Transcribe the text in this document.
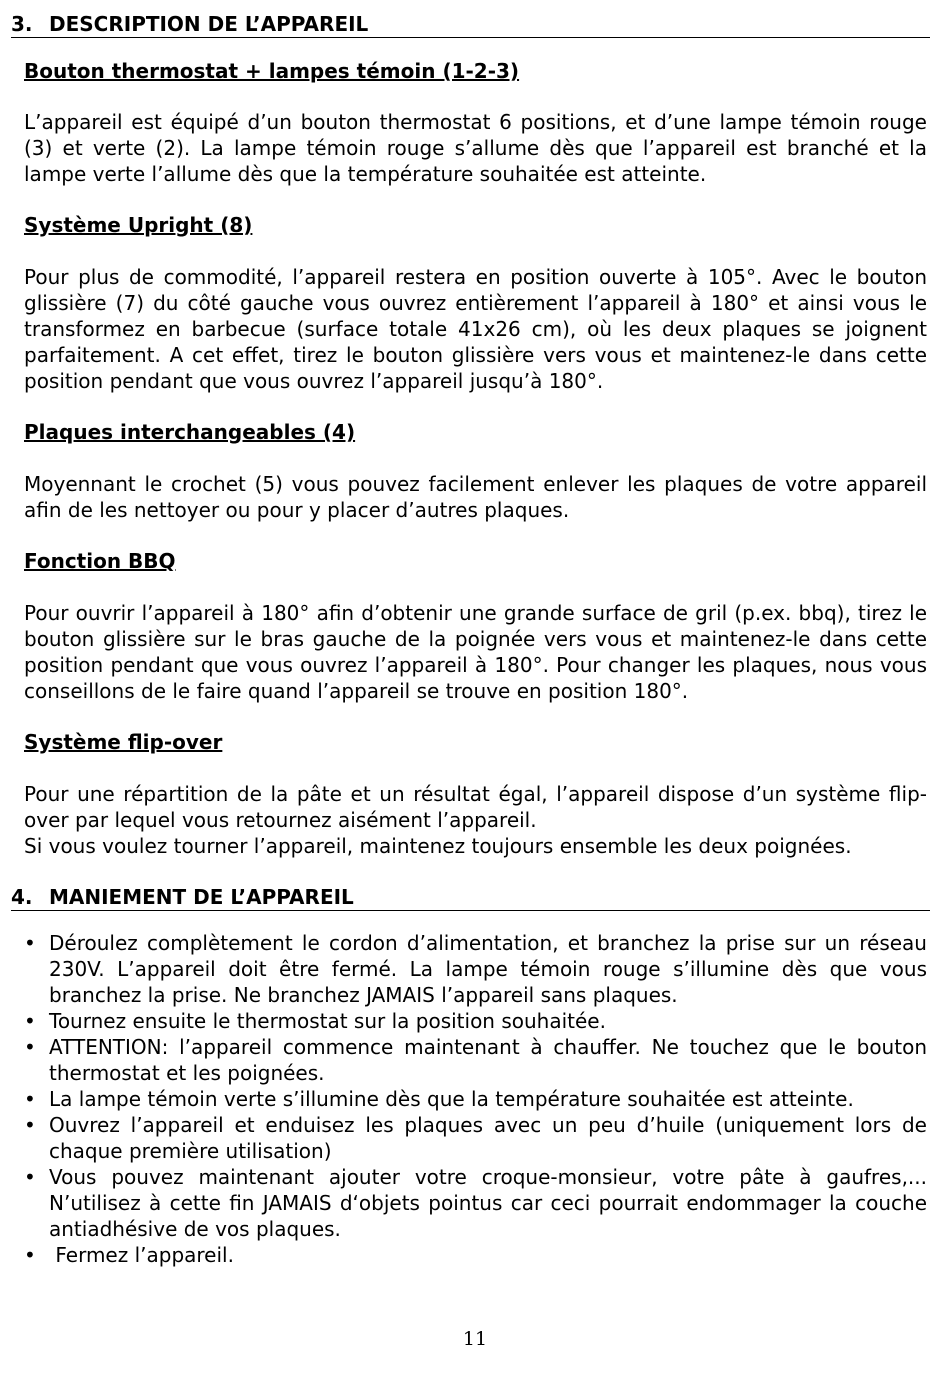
3. DESCRIPTION DE L’APPAREIL
Bouton thermostat + lampes témoin (1-2-3)
L’appareil est équipé d’un bouton thermostat 6 positions, et d’une lampe témoin rouge (3) et verte (2). La lampe témoin rouge s’allume dès que l’appareil est branché et la lampe verte l’allume dès que la température souhaitée est atteinte.
Système Upright (8)
Pour plus de commodité, l’appareil restera en position ouverte à 105°. Avec le bouton glissière (7) du côté gauche vous ouvrez entièrement l’appareil à 180° et ainsi vous le transformez en barbecue (surface totale 41x26 cm), où les deux plaques se joignent parfaitement. A cet effet, tirez le bouton glissière vers vous et maintenez-le dans cette position pendant que vous ouvrez l’appareil jusqu’à 180°.
Plaques interchangeables (4)
Moyennant le crochet (5) vous pouvez facilement enlever les plaques de votre appareil afin de les nettoyer ou pour y placer d’autres plaques.
Fonction BBQ
Pour ouvrir l’appareil à 180° afin d’obtenir une grande surface de gril (p.ex. bbq), tirez le bouton glissière sur le bras gauche de la poignée vers vous et maintenez-le dans cette position pendant que vous ouvrez l’appareil à 180°. Pour changer les plaques, nous vous conseillons de le faire quand l’appareil se trouve en position 180°.
Système flip-over
Pour une répartition de la pâte et un résultat égal, l’appareil dispose d’un système flip-over par lequel vous retournez aisément l’appareil.
Si vous voulez tourner l’appareil, maintenez toujours ensemble les deux poignées.
4. MANIEMENT DE L’APPAREIL
• Déroulez complètement le cordon d’alimentation, et branchez la prise sur un réseau 230V. L’appareil doit être fermé. La lampe témoin rouge s’illumine dès que vous branchez la prise. Ne branchez JAMAIS l’appareil sans plaques.
• Tournez ensuite le thermostat sur la position souhaitée.
• ATTENTION: l’appareil commence maintenant à chauffer. Ne touchez que le bouton thermostat et les poignées.
• La lampe témoin verte s’illumine dès que la température souhaitée est atteinte.
• Ouvrez l’appareil et enduisez les plaques avec un peu d’huile (uniquement lors de chaque première utilisation)
• Vous pouvez maintenant ajouter votre croque-monsieur, votre pâte à gaufres,... N’utilisez à cette fin JAMAIS d‘objets pointus car ceci pourrait endommager la couche antiadhésive de vos plaques.
• Fermez l’appareil.
11
